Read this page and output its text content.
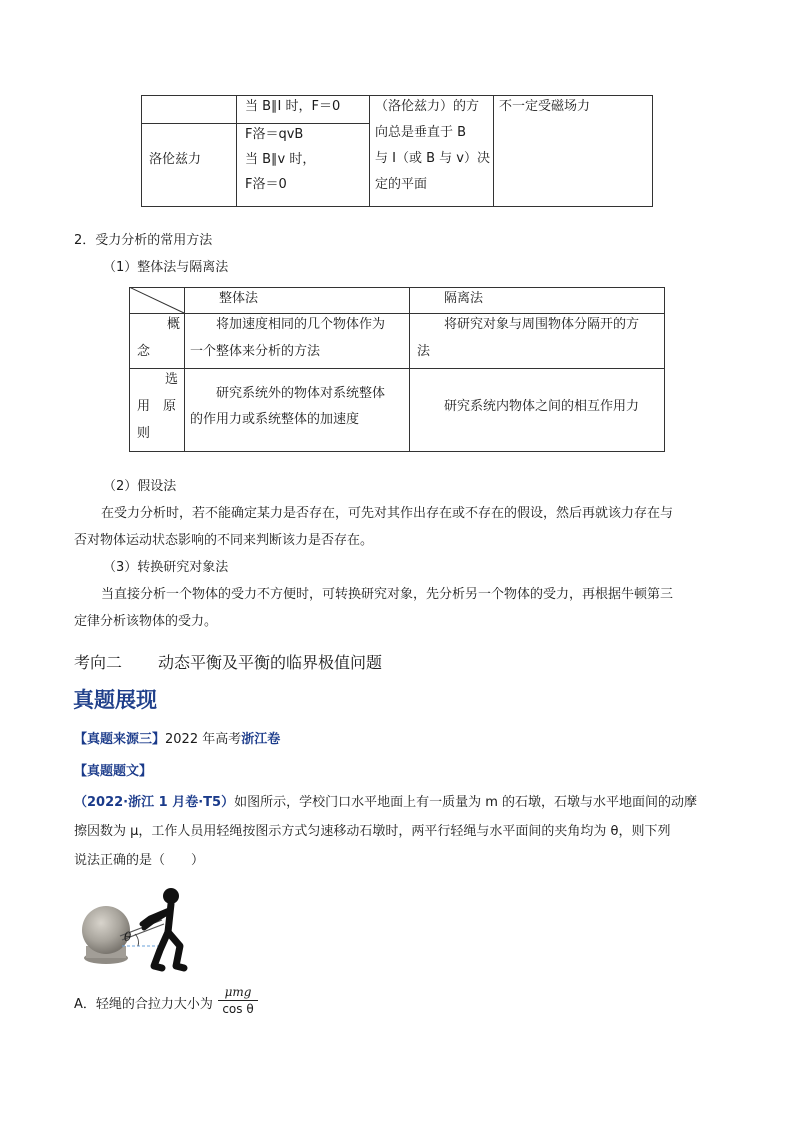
当 B∥I 时，F＝0
洛伦兹力
F洛＝qvB
当 B∥v 时，
F洛＝0
（洛伦兹力）的方
向总是垂直于 B
与 I（或 B 与 v）决
定的平面
不一定受磁场力
2．受力分析的常用方法
（1）整体法与隔离法
整体法	隔离法
概
念
将加速度相同的几个物体作为
一个整体来分析的方法
将研究对象与周围物体分隔开的方
法
选
用　原
则
研究系统外的物体对系统整体
的作用力或系统整体的加速度
研究系统内物体之间的相互作用力
（2）假设法
在受力分析时，若不能确定某力是否存在，可先对其作出存在或不存在的假设，然后再就该力存在与
否对物体运动状态影响的不同来判断该力是否存在。
（3）转换研究对象法
当直接分析一个物体的受力不方便时，可转换研究对象，先分析另一个物体的受力，再根据牛顿第三
定律分析该物体的受力。
考向二 动态平衡及平衡的临界极值问题
真题展现
【真题来源三】2022 年高考浙江卷
【真题题文】
（2022·浙江 1 月卷·T5）如图所示，学校门口水平地面上有一质量为 m 的石墩，石墩与水平地面间的动摩
擦因数为 μ，工作人员用轻绳按图示方式匀速移动石墩时，两平行轻绳与水平面间的夹角均为 θ，则下列
说法正确的是（　　）
θ
A．轻绳的合拉力大小为
μmg
cos θ
